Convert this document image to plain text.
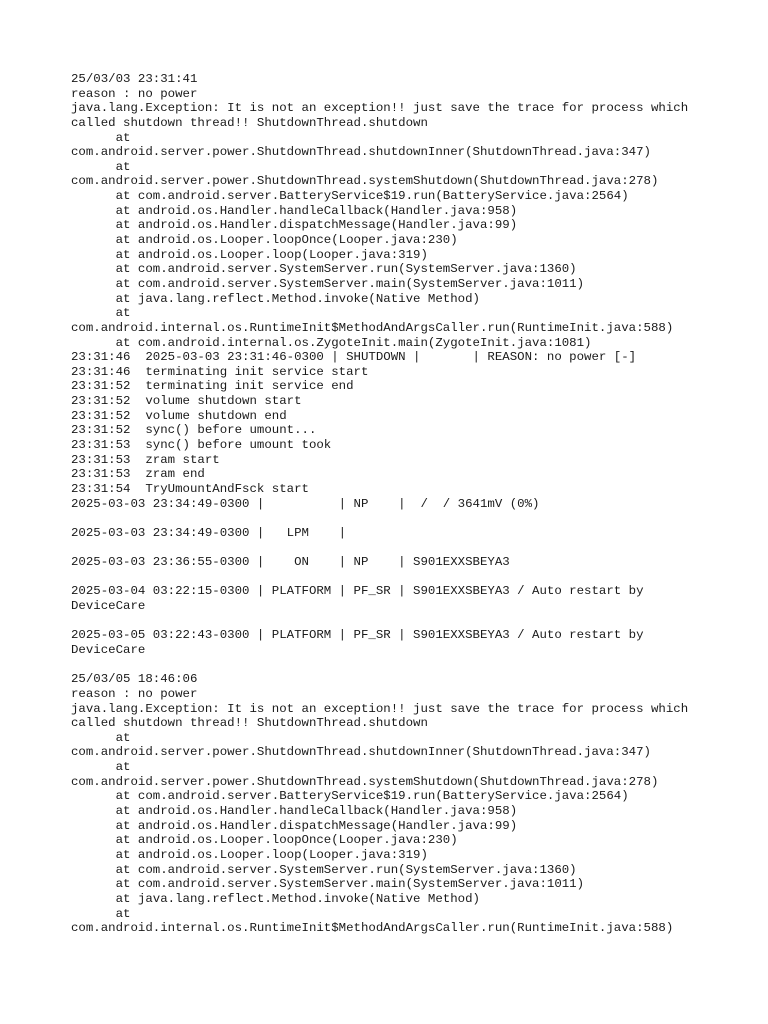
25/03/03 23:31:41
reason : no power
java.lang.Exception: It is not an exception!! just save the trace for process which
called shutdown thread!! ShutdownThread.shutdown
at
com.android.server.power.ShutdownThread.shutdownInner(ShutdownThread.java:347)
at
com.android.server.power.ShutdownThread.systemShutdown(ShutdownThread.java:278)
at com.android.server.BatteryService$19.run(BatteryService.java:2564)
at android.os.Handler.handleCallback(Handler.java:958)
at android.os.Handler.dispatchMessage(Handler.java:99)
at android.os.Looper.loopOnce(Looper.java:230)
at android.os.Looper.loop(Looper.java:319)
at com.android.server.SystemServer.run(SystemServer.java:1360)
at com.android.server.SystemServer.main(SystemServer.java:1011)
at java.lang.reflect.Method.invoke(Native Method)
at
com.android.internal.os.RuntimeInit$MethodAndArgsCaller.run(RuntimeInit.java:588)
at com.android.internal.os.ZygoteInit.main(ZygoteInit.java:1081)
23:31:46  2025-03-03 23:31:46-0300 | SHUTDOWN |       | REASON: no power [-]
23:31:46  terminating init service start
23:31:52  terminating init service end
23:31:52  volume shutdown start
23:31:52  volume shutdown end
23:31:52  sync() before umount...
23:31:53  sync() before umount took
23:31:53  zram start
23:31:53  zram end
23:31:54  TryUmountAndFsck start
2025-03-03 23:34:49-0300 |          | NP    |  /  / 3641mV (0%)
2025-03-03 23:34:49-0300 |   LPM    |
2025-03-03 23:36:55-0300 |    ON    | NP    | S901EXXSBEYA3
2025-03-04 03:22:15-0300 | PLATFORM | PF_SR | S901EXXSBEYA3 / Auto restart by
DeviceCare
2025-03-05 03:22:43-0300 | PLATFORM | PF_SR | S901EXXSBEYA3 / Auto restart by
DeviceCare
25/03/05 18:46:06
reason : no power
java.lang.Exception: It is not an exception!! just save the trace for process which
called shutdown thread!! ShutdownThread.shutdown
at
com.android.server.power.ShutdownThread.shutdownInner(ShutdownThread.java:347)
at
com.android.server.power.ShutdownThread.systemShutdown(ShutdownThread.java:278)
at com.android.server.BatteryService$19.run(BatteryService.java:2564)
at android.os.Handler.handleCallback(Handler.java:958)
at android.os.Handler.dispatchMessage(Handler.java:99)
at android.os.Looper.loopOnce(Looper.java:230)
at android.os.Looper.loop(Looper.java:319)
at com.android.server.SystemServer.run(SystemServer.java:1360)
at com.android.server.SystemServer.main(SystemServer.java:1011)
at java.lang.reflect.Method.invoke(Native Method)
at
com.android.internal.os.RuntimeInit$MethodAndArgsCaller.run(RuntimeInit.java:588)
